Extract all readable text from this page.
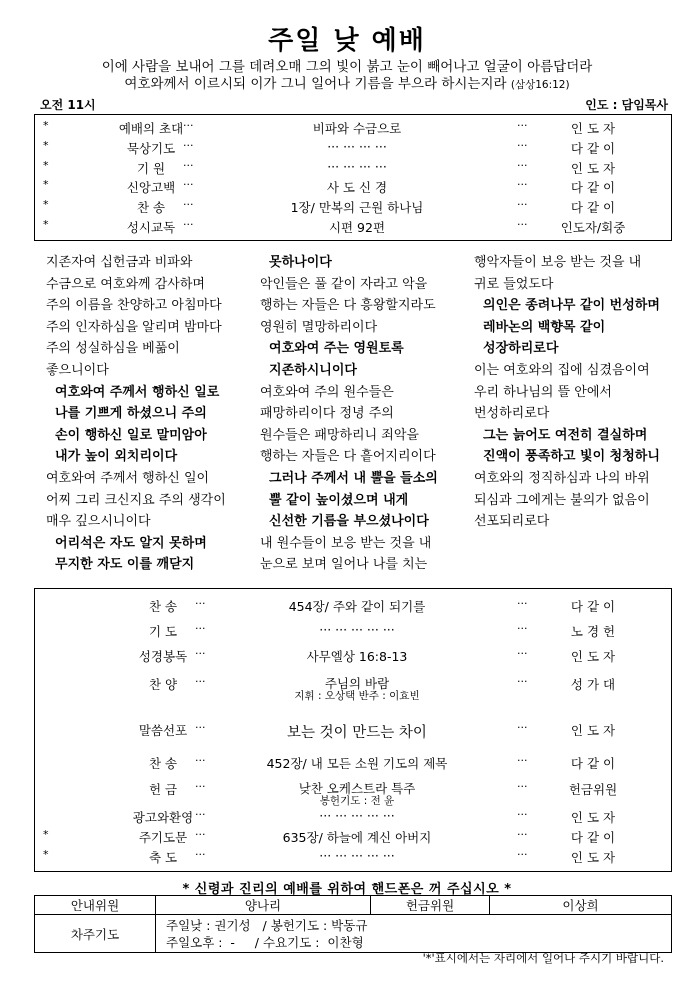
주일 낮 예배
이에 사람을 보내어 그를 데려오매 그의 빛이 붉고 눈이 빼어나고 얼굴이 아름답더라
여호와께서 이르시되 이가 그니 일어나 기름을 부으라 하시는지라 (삼상16:12)
오전 11시	인도 : 담임목사
*	예배의 초대 ···	비파와 수금으로	···	인 도 자
*	묵상기도 ···	··· ··· ··· ···	···	다 같 이
*	기 원	···	··· ··· ··· ···	···	인 도 자
*	신앙고백 ···	사 도 신 경	···	다 같 이
*	찬 송	···	1장/ 만복의 근원 하나님	···	다 같 이
*	성시교독 ···	시편 92편	···	인도자/회중
지존자여 십헌금과 비파와
수금으로 여호와께 감사하며
주의 이름을 찬양하고 아침마다
주의 인자하심을 알리며 밤마다
주의 성실하심을 베풂이
좋으니이다
여호와여 주께서 행하신 일로
나를 기쁘게 하셨으니 주의
손이 행하신 일로 말미암아
내가 높이 외치리이다
여호와여 주께서 행하신 일이
어찌 그리 크신지요 주의 생각이
매우 깊으시니이다
어리석은 자도 알지 못하며
무지한 자도 이를 깨닫지
못하나이다
악인들은 풀 같이 자라고 악을
행하는 자들은 다 흥왕할지라도
영원히 멸망하리이다
여호와여 주는 영원토록
지존하시니이다
여호와여 주의 원수들은
패망하리이다 정녕 주의
원수들은 패망하리니 죄악을
행하는 자들은 다 흩어지리이다
그러나 주께서 내 뿔을 들소의
뿔 같이 높이셨으며 내게
신선한 기름을 부으셨나이다
내 원수들이 보응 받는 것을 내
눈으로 보며 일어나 나를 치는
행악자들이 보응 받는 것을 내
귀로 들었도다
의인은 종려나무 같이 번성하며
레바논의 백향목 같이
성장하리로다
이는 여호와의 집에 심겼음이여
우리 하나님의 뜰 안에서
번성하리로다
그는 늙어도 여전히 결실하며
진액이 풍족하고 빛이 청청하니
여호와의 정직하심과 나의 바위
되심과 그에게는 불의가 없음이
선포되리로다
찬 송	···	454장/ 주와 같이 되기를	···	다 같 이
기 도	···	··· ··· ··· ··· ···	···	노 경 헌
성경봉독 ···	사무엘상 16:8-13	···	인 도 자
찬 양	···	주님의 바람	···	성 가 대
지휘 : 오상택 반주 : 이효빈
말씀선포 ···	보는 것이 만드는 차이	···	인 도 자
찬 송	···	452장/ 내 모든 소원 기도의 제목	···	다 같 이
헌 금	···	낮찬 오케스트라 특주	···	헌금위원
봉헌기도 : 전 윤
광고와환영 ···	··· ··· ··· ··· ···	···	인 도 자
*	주기도문 ···	635장/ 하늘에 계신 아버지	···	다 같 이
*	축 도	···	··· ··· ··· ··· ···	···	인 도 자
* 신령과 진리의 예배를 위하여 핸드폰은 꺼 주십시오 *
안내위원	양나리	헌금위원	이상희
차주기도	주일낮 : 권기성   / 봉헌기도 : 박동규
주일오후 :  -     / 수요기도 :  이찬형		
'*'표시에서는 자리에서 일어나 주시기 바랍니다.
